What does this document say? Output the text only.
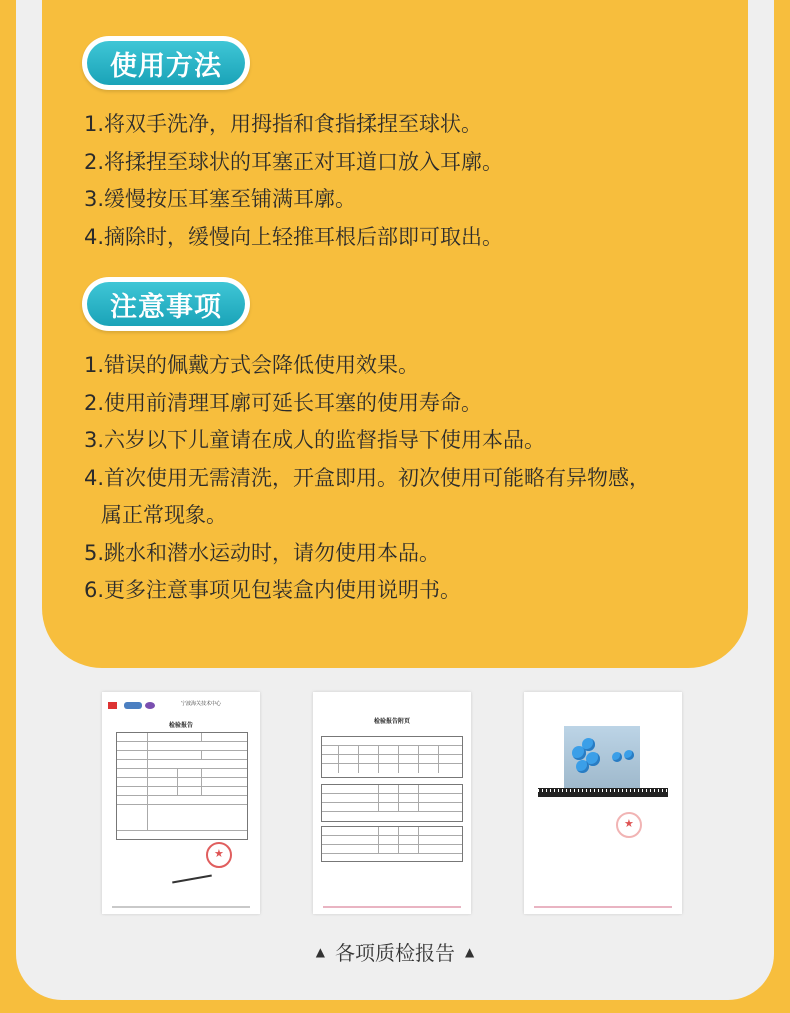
使用方法
1.将双手洗净，用拇指和食指揉捏至球状。
2.将揉捏至球状的耳塞正对耳道口放入耳廓。
3.缓慢按压耳塞至铺满耳廓。
4.摘除时，缓慢向上轻推耳根后部即可取出。
注意事项
1.错误的佩戴方式会降低使用效果。
2.使用前清理耳廓可延长耳塞的使用寿命。
3.六岁以下儿童请在成人的监督指导下使用本品。
4.首次使用无需清洗，开盒即用。初次使用可能略有异物感，
属正常现象。
5.跳水和潜水运动时，请勿使用本品。
6.更多注意事项见包装盒内使用说明书。
宁波海关技术中心
检验报告
★
检验报告附页
★
▲ 各项质检报告 ▲
